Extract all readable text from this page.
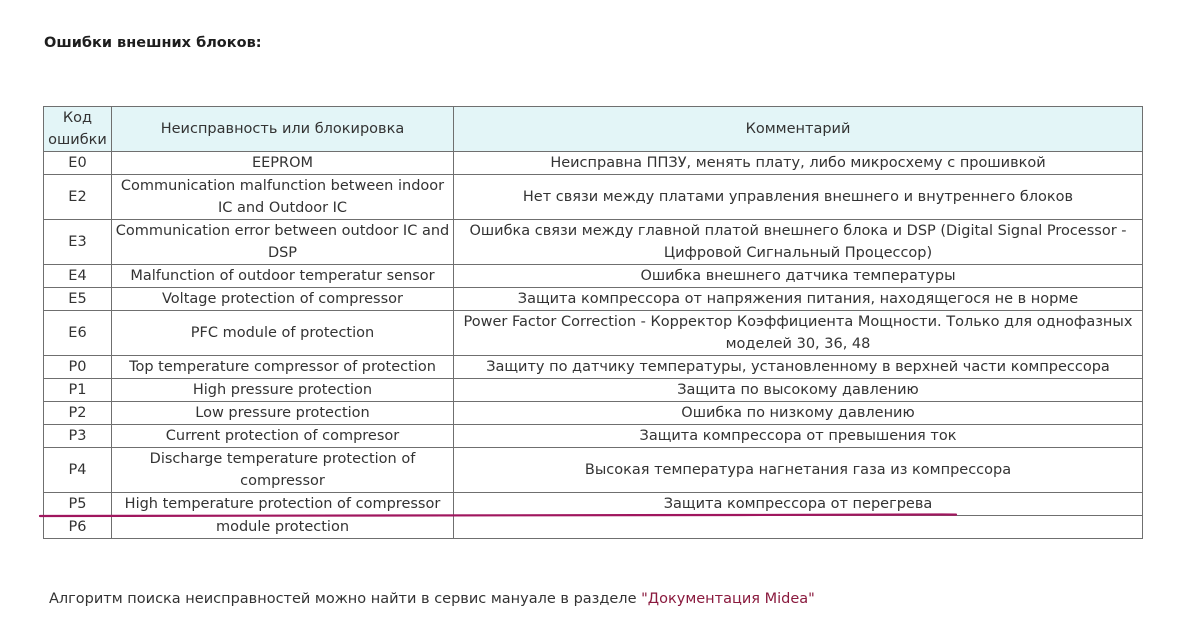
Ошибки внешних блоков:
Код
ошибки	Неисправность или блокировка	Комментарий
E0	EEPROM	Неисправна ППЗУ, менять плату, либо микросхему с прошивкой
E2	Communication malfunction between indoor IC and Outdoor IC	Нет связи между платами управления внешнего и внутреннего блоков
E3	Communication error between outdoor IC and DSP	Ошибка связи между главной платой внешнего блока и DSP (Digital Signal Processor - Цифровой Сигнальный Процессор)
E4	Malfunction of outdoor temperatur sensor	Ошибка внешнего датчика температуры
E5	Voltage protection of compressor	Защита компрессора от напряжения питания, находящегося не в норме
E6	PFC module of protection	Power Factor Correction - Корректор Коэффициента Мощности. Только для однофазных моделей 30, 36, 48
P0	Top temperature compressor of protection	Защиту по датчику температуры, установленному в верхней части компрессора
P1	High pressure protection	Защита по высокому давлению
P2	Low pressure protection	Ошибка по низкому давлению
P3	Current protection of compresor	Защита компрессора от превышения ток
P4	Discharge temperature protection of compressor	Высокая температура нагнетания газа из компрессора
P5	High temperature protection of compressor	Защита компрессора от перегрева
P6	module protection	

Алгоритм поиска неисправностей можно найти в сервис мануале в разделе "Документация Midea"
